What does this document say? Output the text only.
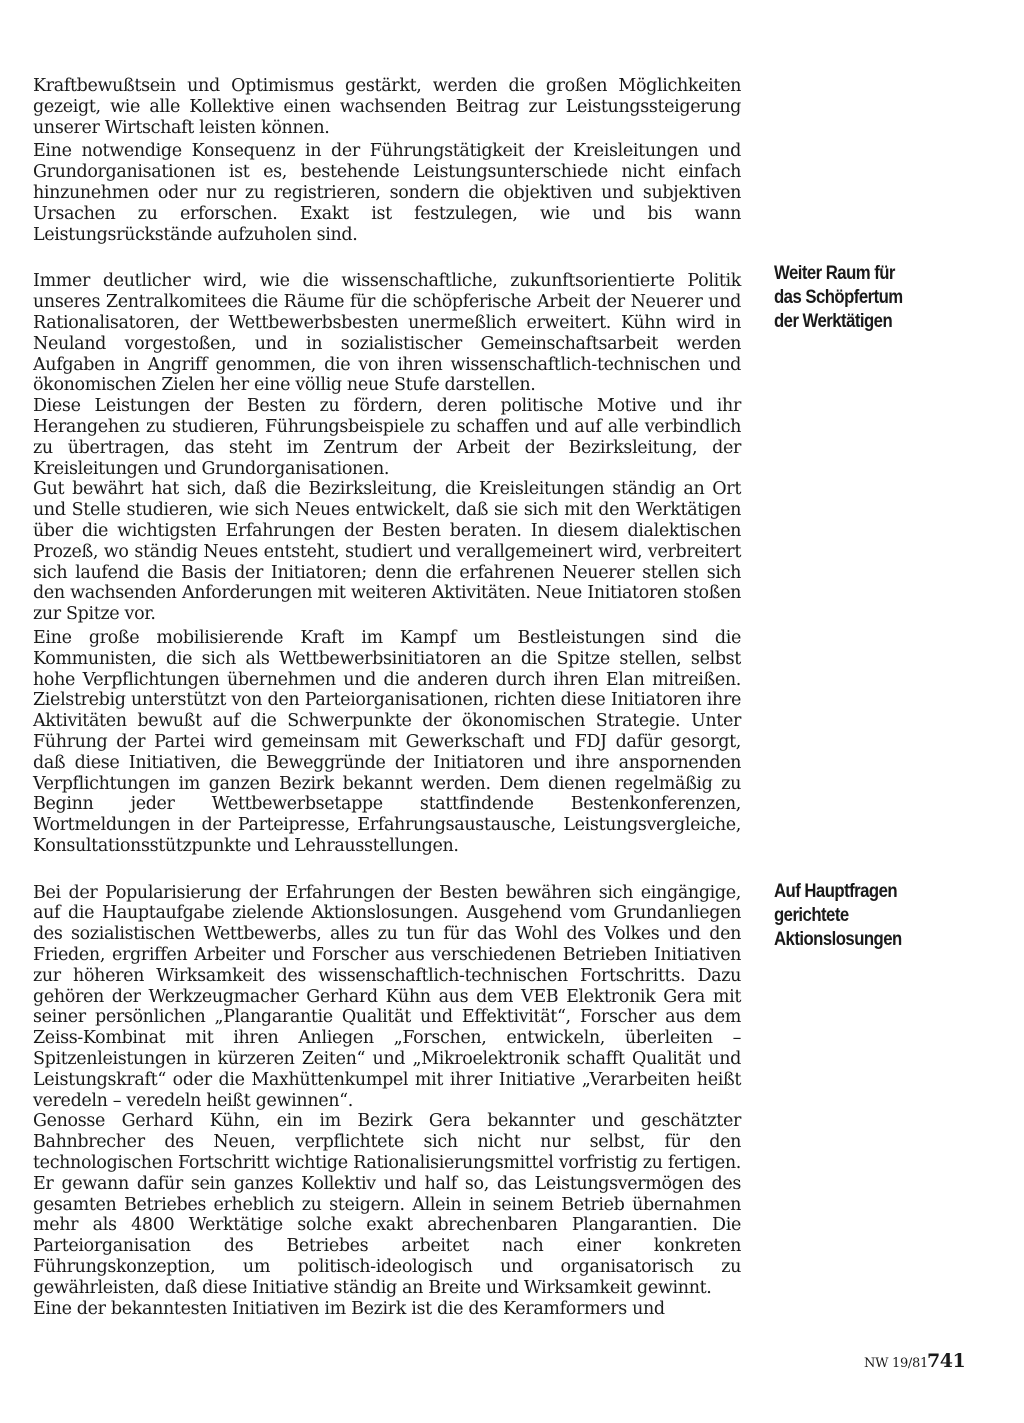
Kraftbewußtsein und Optimismus gestärkt, werden die großen Möglichkeiten gezeigt, wie alle Kollektive einen wachsenden Beitrag zur Leistungssteigerung unserer Wirtschaft leisten können.

Eine notwendige Konsequenz in der Führungstätigkeit der Kreisleitungen und Grundorganisationen ist es, bestehende Leistungsunterschiede nicht einfach hinzunehmen oder nur zu registrieren, sondern die objektiven und subjektiven Ursachen zu erforschen. Exakt ist festzulegen, wie und bis wann Leistungsrückstände aufzuholen sind.

Immer deutlicher wird, wie die wissenschaftliche, zukunftsorientierte Politik unseres Zentralkomitees die Räume für die schöpferische Arbeit der Neuerer und Rationalisatoren, der Wettbewerbsbesten unermeßlich erweitert. Kühn wird in Neuland vorgestoßen, und in sozialistischer Gemeinschaftsarbeit werden Aufgaben in Angriff genommen, die von ihren wissenschaftlich-technischen und ökonomischen Zielen her eine völlig neue Stufe darstellen.

Diese Leistungen der Besten zu fördern, deren politische Motive und ihr Herangehen zu studieren, Führungsbeispiele zu schaffen und auf alle verbindlich zu übertragen, das steht im Zentrum der Arbeit der Bezirksleitung, der Kreisleitungen und Grundorganisationen.

Gut bewährt hat sich, daß die Bezirksleitung, die Kreisleitungen ständig an Ort und Stelle studieren, wie sich Neues entwickelt, daß sie sich mit den Werktätigen über die wichtigsten Erfahrungen der Besten beraten. In diesem dialektischen Prozeß, wo ständig Neues entsteht, studiert und verallgemeinert wird, verbreitert sich laufend die Basis der Initiatoren; denn die erfahrenen Neuerer stellen sich den wachsenden Anforderungen mit weiteren Aktivitäten. Neue Initiatoren stoßen zur Spitze vor.

Eine große mobilisierende Kraft im Kampf um Bestleistungen sind die Kommunisten, die sich als Wettbewerbsinitiatoren an die Spitze stellen, selbst hohe Verpflichtungen übernehmen und die anderen durch ihren Elan mitreißen. Zielstrebig unterstützt von den Parteiorganisationen, richten diese Initiatoren ihre Aktivitäten bewußt auf die Schwerpunkte der ökonomischen Strategie. Unter Führung der Partei wird gemeinsam mit Gewerkschaft und FDJ dafür gesorgt, daß diese Initiativen, die Beweggründe der Initiatoren und ihre anspornenden Verpflichtungen im ganzen Bezirk bekannt werden. Dem dienen regelmäßig zu Beginn jeder Wettbewerbsetappe stattfindende Bestenkonferenzen, Wortmeldungen in der Parteipresse, Erfahrungsaustausche, Leistungsvergleiche, Konsultationsstützpunkte und Lehrausstellungen.

Bei der Popularisierung der Erfahrungen der Besten bewähren sich eingängige, auf die Hauptaufgabe zielende Aktionslosungen. Ausgehend vom Grundanliegen des sozialistischen Wettbewerbs, alles zu tun für das Wohl des Volkes und den Frieden, ergriffen Arbeiter und Forscher aus verschiedenen Betrieben Initiativen zur höheren Wirksamkeit des wissenschaftlich-technischen Fortschritts. Dazu gehören der Werkzeugmacher Gerhard Kühn aus dem VEB Elektronik Gera mit seiner persönlichen „Plangarantie Qualität und Effektivität“, Forscher aus dem Zeiss-Kombinat mit ihren Anliegen „Forschen, entwickeln, überleiten – Spitzenleistungen in kürzeren Zeiten“ und „Mikroelektronik schafft Qualität und Leistungskraft“ oder die Maxhüttenkumpel mit ihrer Initiative „Verarbeiten heißt veredeln – veredeln heißt gewinnen“.

Genosse Gerhard Kühn, ein im Bezirk Gera bekannter und geschätzter Bahnbrecher des Neuen, verpflichtete sich nicht nur selbst, für den technologischen Fortschritt wichtige Rationalisierungsmittel vorfristig zu fertigen. Er gewann dafür sein ganzes Kollektiv und half so, das Leistungsvermögen des gesamten Betriebes erheblich zu steigern. Allein in seinem Betrieb übernahmen mehr als 4800 Werktätige solche exakt abrechenbaren Plangarantien. Die Parteiorganisation des Betriebes arbeitet nach einer konkreten Führungskonzeption, um politisch-ideologisch und organisatorisch zu gewährleisten, daß diese Initiative ständig an Breite und Wirksamkeit gewinnt.

Eine der bekanntesten Initiativen im Bezirk ist die des Keramformers und

Weiter Raum für
das Schöpfertum
der Werktätigen
Auf Hauptfragen
gerichtete
Aktionslosungen
NW 19/81 741
